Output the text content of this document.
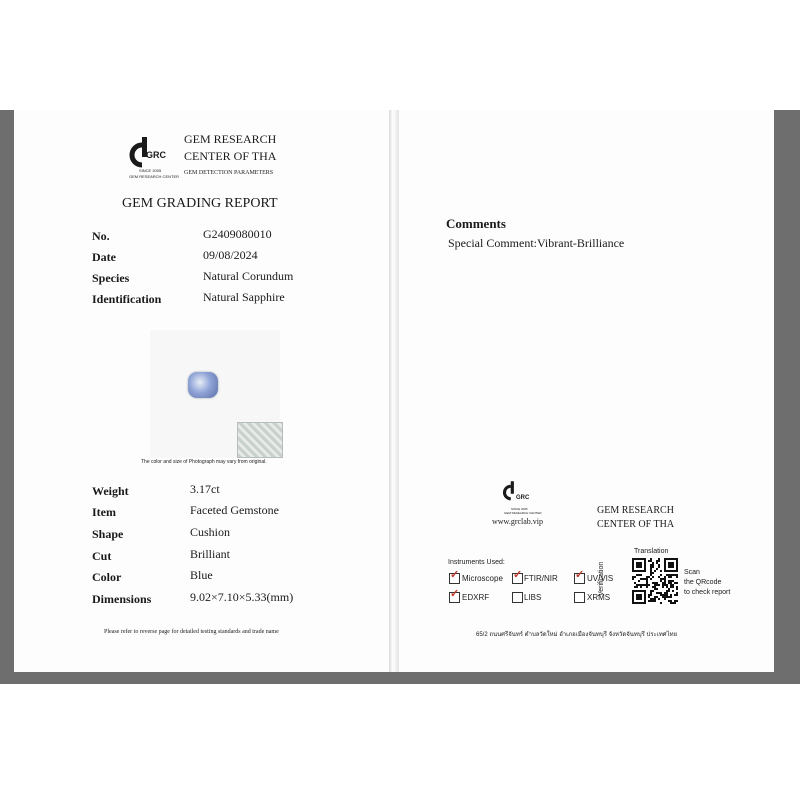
GRC
SINCE 2005
GEM RESEARCH CENTER
GEM RESEARCH
CENTER OF THA
GEM DETECTION PARAMETERS
GEM GRADING REPORT
No.	G2409080010
Date	09/08/2024
Species	Natural Corundum
Identification	Natural Sapphire
The color and size of Photograph may vary from original.
Weight	3.17ct
Item	Faceted Gemstone
Shape	Cushion
Cut	Brilliant
Color	Blue
Dimensions	9.02×7.10×5.33(mm)
Please refer to reverse page for detailed testing standards and trade name
Comments
Special Comment:Vibrant-Brilliance
GRC
SINCE 2005
GEM RESEARCH CENTER
www.grclab.vip
GEM RESEARCH
CENTER OF THA
Instruments Used:
✓ Microscope ✓ FTIR/NIR ✓ UV/VIS
✓ EDXRF	LIBS	XRMS
Translation
Verification	Scan
the QRcode
to check report
65/2 ถนนศรีจันทร์ ตำบลวัดใหม่ อำเภอเมืองจันทบุรี จังหวัดจันทบุรี ประเทศไทย
